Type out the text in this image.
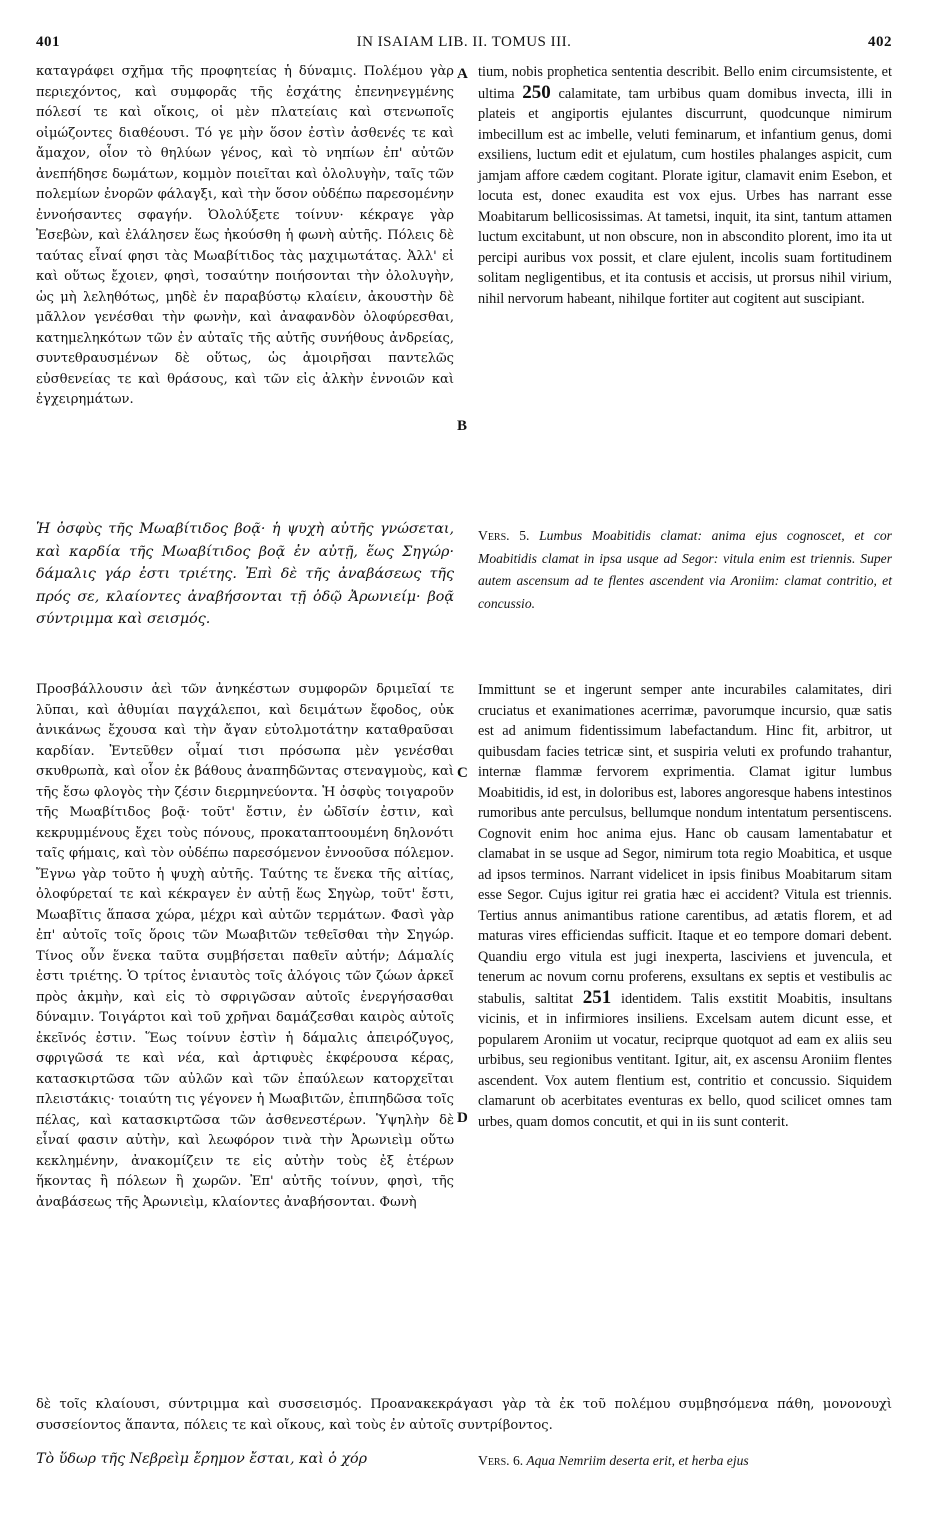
401	IN ISAIAM LIB. II. TOMUS III.	402

καταγράφει σχῆμα τῆς προφητείας ἡ δύναμις. Πολέμου γὰρ περιεχόντος, καὶ συμφορᾶς τῆς ἐσχάτης ἐπενηνεγμένης πόλεσί τε καὶ οἴκοις, οἱ μὲν πλατείαις καὶ στενωποῖς οἰμώζοντες διαθέουσι. Τό γε μὴν ὅσον ἐστὶν ἀσθενές τε καὶ ἄμαχον, οἷον τὸ θηλύων γένος, καὶ τὸ νηπίων ἐπ' αὐτῶν ἀνεπήδησε δωμάτων, κομμὸν ποιεῖται καὶ ὀλολυγὴν, ταῖς τῶν πολεμίων ἐνορῶν φάλαγξι, καὶ τὴν ὅσον οὐδέπω παρεσομένην ἐννοήσαντες σφαγήν. Ὀλολύξετε τοίνυν· κέκραγε γὰρ Ἐσεβὼν, καὶ ἐλάλησεν ἕως ἠκούσθη ἡ φωνὴ αὐτῆς. Πόλεις δὲ ταύτας εἶναί φησι τὰς Μωαβίτιδος τὰς μαχιμωτάτας. Ἀλλ' εἰ καὶ οὕτως ἔχοιεν, φησὶ, τοσαύτην ποιήσονται τὴν ὀλολυγὴν, ὡς μὴ λεληθότως, μηδὲ ἐν παραβύστῳ κλαίειν, ἀκουστὴν δὲ μᾶλλον γενέσθαι τὴν φωνὴν, καὶ ἀναφανδὸν ὀλοφύρεσθαι, κατημεληκότων τῶν ἐν αὐταῖς τῆς αὐτῆς συνήθους ἀνδρείας, συντεθραυσμένων δὲ οὕτως, ὡς ἀμοιρῆσαι παντελῶς εὐσθενείας τε καὶ θράσους, καὶ τῶν εἰς ἀλκὴν ἐννοιῶν καὶ ἐγχειρημάτων.

Ἡ ὀσφὺς τῆς Μωαβίτιδος βοᾷ· ἡ ψυχὴ αὐτῆς γνώσεται, καὶ καρδία τῆς Μωαβίτιδος βοᾷ ἐν αὐτῇ, ἕως Σηγώρ· δάμαλις γάρ ἐστι τριέτης. Ἐπὶ δὲ τῆς ἀναβάσεως τῆς πρός σε, κλαίοντες ἀναβήσονται τῇ ὁδῷ Ἀρωνιείμ· βοᾷ σύντριμμα καὶ σεισμός.

Προσβάλλουσιν ἀεὶ τῶν ἀνηκέστων συμφορῶν δριμεῖαί τε λῦπαι, καὶ ἀθυμίαι παγχάλεποι, καὶ δειμάτων ἔφοδος, οὐκ ἀνικάνως ἔχουσα καὶ τὴν ἄγαν εὐτολμοτάτην καταθραῦσαι καρδίαν. Ἐντεῦθεν οἶμαί τισι πρόσωπα μὲν γενέσθαι σκυθρωπὰ, καὶ οἷον ἐκ βάθους ἀναπηδῶντας στεναγμοὺς, καὶ τῆς ἔσω φλογὸς τὴν ζέσιν διερμηνεύοντα. Ἡ ὀσφὺς τοιγαροῦν τῆς Μωαβίτιδος βοᾷ· τοῦτ' ἔστιν, ἐν ὠδῖσίν ἐστιν, καὶ κεκρυμμένους ἔχει τοὺς πόνους, προκαταπτοουμένη δηλονότι ταῖς φήμαις, καὶ τὸν οὐδέπω παρεσόμενον ἐννοοῦσα πόλεμον. Ἔγνω γὰρ τοῦτο ἡ ψυχὴ αὐτῆς. Ταύτης τε ἕνεκα τῆς αἰτίας, ὀλοφύρεταί τε καὶ κέκραγεν ἐν αὐτῇ ἕως Σηγὼρ, τοῦτ' ἔστι, Μωαβῖτις ἅπασα χώρα, μέχρι καὶ αὐτῶν τερμάτων. Φασὶ γὰρ ἐπ' αὐτοῖς τοῖς ὅροις τῶν Μωαβιτῶν τεθεῖσθαι τὴν Σηγώρ. Τίνος οὖν ἕνεκα ταῦτα συμβήσεται παθεῖν αὐτήν; Δάμαλίς ἐστι τριέτης. Ὁ τρίτος ἐνιαυτὸς τοῖς ἀλόγοις τῶν ζώων ἀρκεῖ πρὸς ἀκμὴν, καὶ εἰς τὸ σφριγῶσαν αὐτοῖς ἐνεργήσασθαι δύναμιν. Τοιγάρτοι καὶ τοῦ χρῆναι δαμάζεσθαι καιρὸς αὐτοῖς ἐκεῖνός ἐστιν. Ἕως τοίνυν ἐστὶν ἡ δάμαλις ἀπειρόζυγος, σφριγῶσά τε καὶ νέα, καὶ ἀρτιφυὲς ἐκφέρουσα κέρας, κατασκιρτῶσα τῶν αὐλῶν καὶ τῶν ἐπαύλεων κατορχεῖται πλειστάκις· τοιαύτη τις γέγονεν ἡ Μωαβιτῶν, ἐπιπηδῶσα τοῖς πέλας, καὶ κατασκιρτῶσα τῶν ἀσθενεστέρων. Ὑψηλὴν δὲ εἶναί φασιν αὐτὴν, καὶ λεωφόρον τινὰ τὴν Ἀρωνιεὶμ οὕτω κεκλημένην, ἀνακομίζειν τε εἰς αὐτὴν τοὺς ἐξ ἑτέρων ἥκοντας ἢ πόλεων ἢ χωρῶν. Ἐπ' αὐτῆς τοίνυν, φησὶ, τῆς ἀναβάσεως τῆς Ἀρωνιεὶμ, κλαίοντες ἀναβήσονται. Φωνὴ

tium, nobis prophetica sententia describit. Bello enim circumsistente, et ultima 250 calamitate, tam urbibus quam domibus invecta, illi in plateis et angiportis ejulantes discurrunt, quodcunque nimirum imbecillum est ac imbelle, veluti feminarum, et infantium genus, domi exsiliens, luctum edit et ejulatum, cum hostiles phalanges aspicit, cum jamjam affore cædem cogitant. Plorate igitur, clamavit enim Esebon, et locuta est, donec exaudita est vox ejus. Urbes has narrant esse Moabitarum bellicosissimas. At tametsi, inquit, ita sint, tantum attamen luctum excitabunt, ut non obscure, non in abscondito plorent, imo ita ut percipi auribus vox possit, et clare ejulent, incolis suam fortitudinem solitam negligentibus, et ita contusis et accisis, ut prorsus nihil virium, nihil nervorum habeant, nihilque fortiter aut cogitent aut suscipiant.

Vers. 5. Lumbus Moabitidis clamat: anima ejus cognoscet, et cor Moabitidis clamat in ipsa usque ad Segor: vitula enim est triennis. Super autem ascensum ad te flentes ascendent via Aroniim: clamat contritio, et concussio.

Immittunt se et ingerunt semper ante incurabiles calamitates, diri cruciatus et exanimationes acerrimæ, pavorumque incursio, quæ satis est ad animum fidentissimum labefactandum. Hinc fit, arbitror, ut quibusdam facies tetricæ sint, et suspiria veluti ex profundo trahantur, internæ flammæ fervorem exprimentia. Clamat igitur lumbus Moabitidis, id est, in doloribus est, labores angoresque habens intestinos rumoribus ante perculsus, bellumque nondum intentatum persentiscens. Cognovit enim hoc anima ejus. Hanc ob causam lamentabatur et clamabat in se usque ad Segor, nimirum tota regio Moabitica, et usque ad ipsos terminos. Narrant videlicet in ipsis finibus Moabitarum sitam esse Segor. Cujus igitur rei gratia hæc ei accident? Vitula est triennis. Tertius annus animantibus ratione carentibus, ad ætatis florem, et ad maturas vires efficiendas sufficit. Itaque et eo tempore domari debent. Quandiu ergo vitula est jugi inexperta, lasciviens et juvencula, et tenerum ac novum cornu proferens, exsultans ex septis et vestibulis ac stabulis, saltitat 251 identidem. Talis exstitit Moabitis, insultans vicinis, et in infirmiores insiliens. Excelsam autem dicunt esse, et popularem Aroniim ut vocatur, reciprque quotquot ad eam ex aliis seu urbibus, seu regionibus ventitant. Igitur, ait, ex ascensu Aroniim flentes ascendent. Vox autem flentium est, contritio et concussio. Siquidem clamarunt ob acerbitates eventuras ex bello, quod scilicet omnes tam urbes, quam domos concutit, et qui in iis sunt conterit.

A
B
C
D

δὲ τοῖς κλαίουσι, σύντριμμα καὶ συσσεισμός. Προανακεκράγασι γὰρ τὰ ἐκ τοῦ πολέμου συμβησόμενα πάθη, μονονουχὶ συσσείοντος ἅπαντα, πόλεις τε καὶ οἴκους, καὶ τοὺς ἐν αὐτοῖς συντρίβοντος.

Τὸ ὕδωρ τῆς Νεβρεὶμ ἔρημον ἔσται, καὶ ὁ χόρ	Vers. 6. Aqua Nemriim deserta erit, et herba ejus
